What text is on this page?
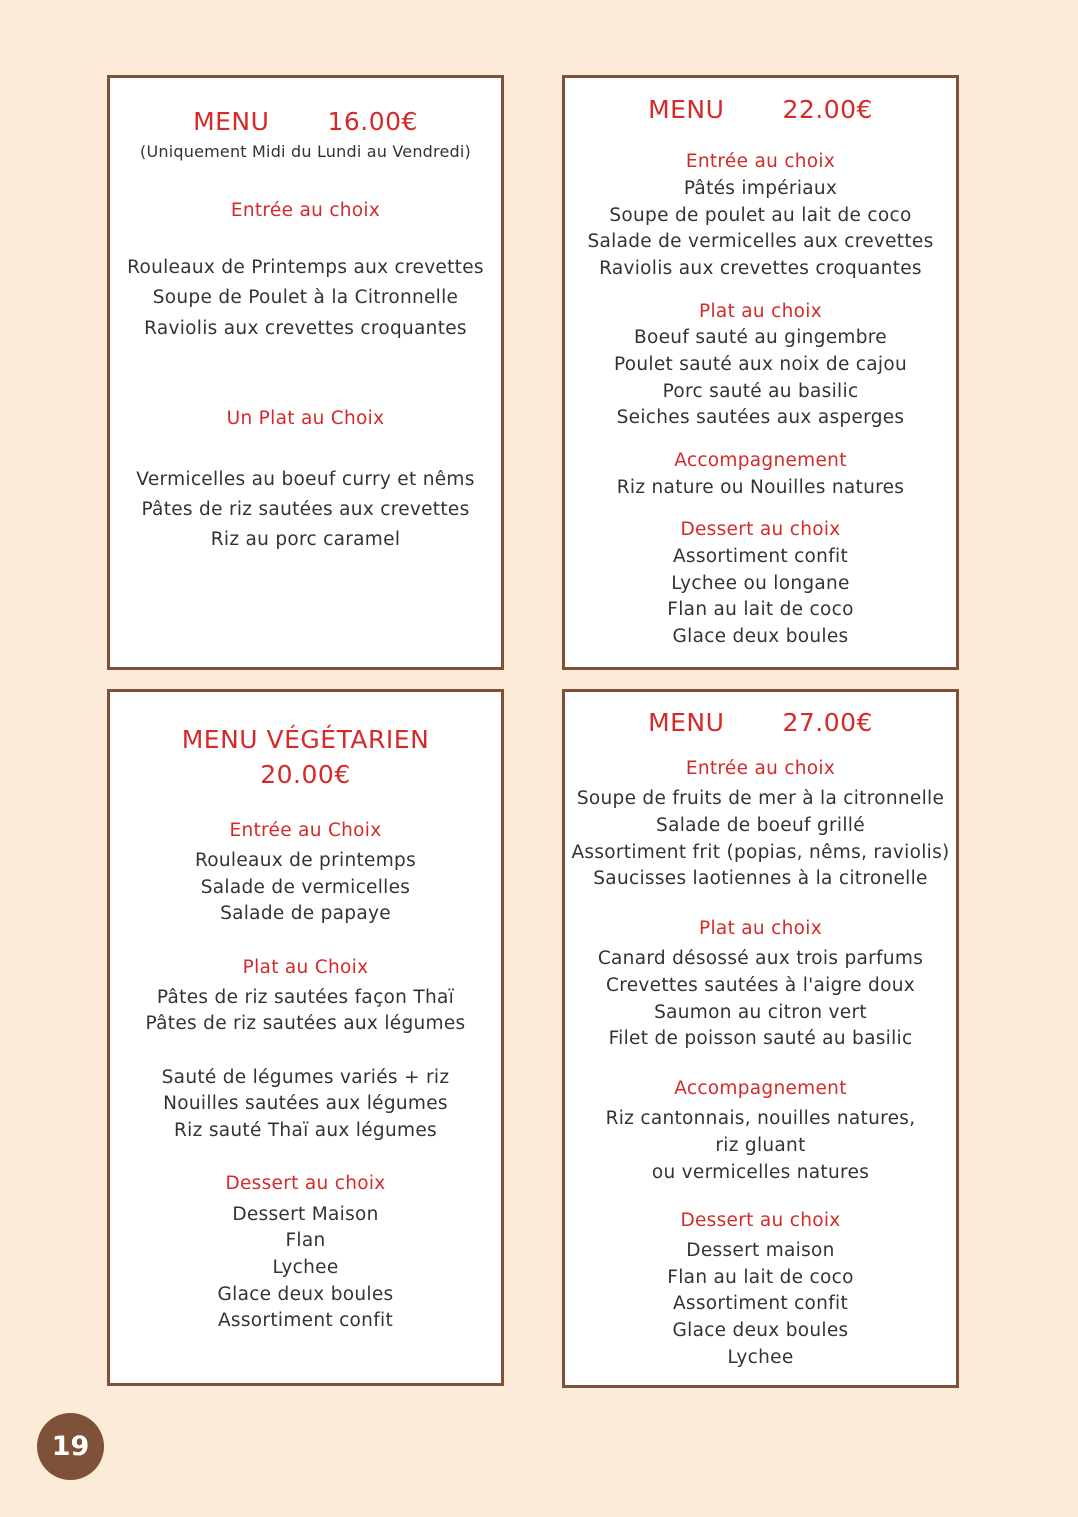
MENU 16.00€
(Uniquement Midi du Lundi au Vendredi)
Entrée au choix
Rouleaux de Printemps aux crevettes
Soupe de Poulet à la Citronnelle
Raviolis aux crevettes croquantes
Un Plat au Choix
Vermicelles au boeuf curry et nêms
Pâtes de riz sautées aux crevettes
Riz au porc caramel
MENU 22.00€
Entrée au choix
Pâtés impériaux
Soupe de poulet au lait de coco
Salade de vermicelles aux crevettes
Raviolis aux crevettes croquantes
Plat au choix
Boeuf sauté au gingembre
Poulet sauté aux noix de cajou
Porc sauté au basilic
Seiches sautées aux asperges
Accompagnement
Riz nature ou Nouilles natures
Dessert au choix
Assortiment confit
Lychee ou longane
Flan au lait de coco
Glace deux boules
MENU VÉGÉTARIEN
20.00€
Entrée au Choix
Rouleaux de printemps
Salade de vermicelles
Salade de papaye
Plat au Choix
Pâtes de riz sautées façon Thaï
Pâtes de riz sautées aux légumes
Sauté de légumes variés + riz
Nouilles sautées aux légumes
Riz sauté Thaï aux légumes
Dessert au choix
Dessert Maison
Flan
Lychee
Glace deux boules
Assortiment confit
MENU 27.00€
Entrée au choix
Soupe de fruits de mer à la citronnelle
Salade de boeuf grillé
Assortiment frit (popias, nêms, raviolis)
Saucisses laotiennes à la citronelle
Plat au choix
Canard désossé aux trois parfums
Crevettes sautées à l'aigre doux
Saumon au citron vert
Filet de poisson sauté au basilic
Accompagnement
Riz cantonnais, nouilles natures,
riz gluant
ou vermicelles natures
Dessert au choix
Dessert maison
Flan au lait de coco
Assortiment confit
Glace deux boules
Lychee
19
